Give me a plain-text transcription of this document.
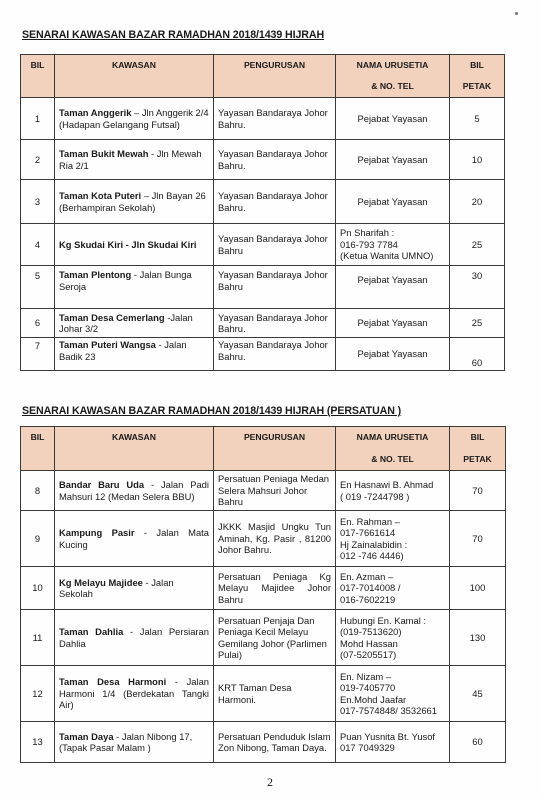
SENARAI KAWASAN BAZAR RAMADHAN 2018/1439 HIJRAH
BIL	KAWASAN	PENGURUSAN	NAMA URUSETIA
& NO. TEL	BIL
PETAK

1	Taman Anggerik – Jln Anggerik 2/4 (Hadapan Gelangang Futsal)	Yayasan Bandaraya Johor Bahru.	Pejabat Yayasan	5
2	Taman Bukit Mewah - Jln Mewah Ria 2/1	Yayasan Bandaraya Johor Bahru.	Pejabat Yayasan	10
3	Taman Kota Puteri – Jln Bayan 26 (Berhampiran Sekolah)	Yayasan Bandaraya Johor Bahru.	Pejabat Yayasan	20
4	Kg Skudai Kiri - Jln Skudai Kiri	Yayasan Bandaraya Johor Bahru	Pn Sharifah :
016-793 7784
(Ketua Wanita UMNO)	25
5	Taman Plentong - Jalan Bunga Seroja	Yayasan Bandaraya Johor Bahru	Pejabat Yayasan	30
6	Taman Desa Cemerlang -Jalan Johar 3/2	Yayasan Bandaraya Johor Bahru.	Pejabat Yayasan	25
7	Taman Puteri Wangsa - Jalan Badik 23	Yayasan Bandaraya Johor Bahru.	Pejabat Yayasan	60
SENARAI KAWASAN BAZAR RAMADHAN 2018/1439 HIJRAH (PERSATUAN )
BIL	KAWASAN	PENGURUSAN	NAMA URUSETIA
& NO. TEL	BIL
PETAK

8	Bandar Baru Uda - Jalan Padi Mahsuri 12 (Medan Selera BBU)	Persatuan Peniaga Medan Selera Mahsuri Johor Bahru	En Hasnawi B. Ahmad
( 019 -7244798 )	70
9	Kampung Pasir - Jalan Mata Kucing	JKKK Masjid Ungku Tun Aminah, Kg. Pasir , 81200 Johor Bahru.	En. Rahman –
017-7661614
Hj Zainalabidin :
012 -746 4446)	70
10	Kg Melayu Majidee - Jalan Sekolah	Persatuan Peniaga Kg Melayu Majidee Johor Bahru	En. Azman –
017-7014008 /
016-7602219	100
11	Taman Dahlia - Jalan Persiaran Dahlia	Persatuan Penjaja Dan Peniaga Kecil Melayu Gemilang Johor (Parlimen Pulai)	Hubungi En. Kamal :
(019-7513620)
Mohd Hassan
(07-5205517)	130
12	Taman Desa Harmoni - Jalan Harmoni 1/4 (Berdekatan Tangki Air)	KRT Taman Desa Harmoni.	En. Nizam –
019-7405770
En.Mohd Jaafar
017-7574848/ 3532661	45
13	Taman Daya - Jalan Nibong 17, (Tapak Pasar Malam )	Persatuan Penduduk Islam Zon Nibong, Taman Daya.	Puan Yusnita Bt. Yusof
017 7049329	60
2
